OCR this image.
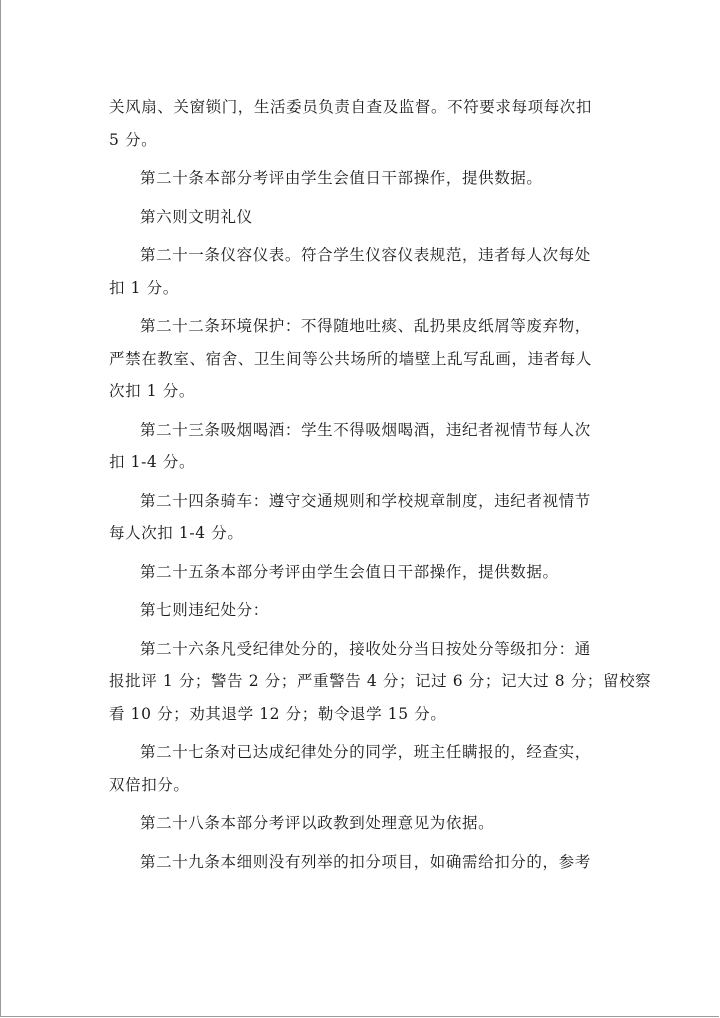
关风扇、关窗锁门，生活委员负责自查及监督。不符要求每项每次扣
5 分。

第二十条本部分考评由学生会值日干部操作，提供数据。

第六则文明礼仪

第二十一条仪容仪表。符合学生仪容仪表规范，违者每人次每处
扣 1 分。

第二十二条环境保护：不得随地吐痰、乱扔果皮纸屑等废弃物，
严禁在教室、宿舍、卫生间等公共场所的墙壁上乱写乱画，违者每人
次扣 1 分。

第二十三条吸烟喝酒：学生不得吸烟喝酒，违纪者视情节每人次
扣 1-4 分。

第二十四条骑车：遵守交通规则和学校规章制度，违纪者视情节
每人次扣 1-4 分。

第二十五条本部分考评由学生会值日干部操作，提供数据。

第七则违纪处分：

第二十六条凡受纪律处分的，接收处分当日按处分等级扣分：通
报批评 1 分；警告 2 分；严重警告 4 分；记过 6 分；记大过 8 分；留校察
看 10 分；劝其退学 12 分；勒令退学 15 分。

第二十七条对已达成纪律处分的同学，班主任瞒报的，经查实，
双倍扣分。

第二十八条本部分考评以政教到处理意见为依据。

第二十九条本细则没有列举的扣分项目，如确需给扣分的，参考
